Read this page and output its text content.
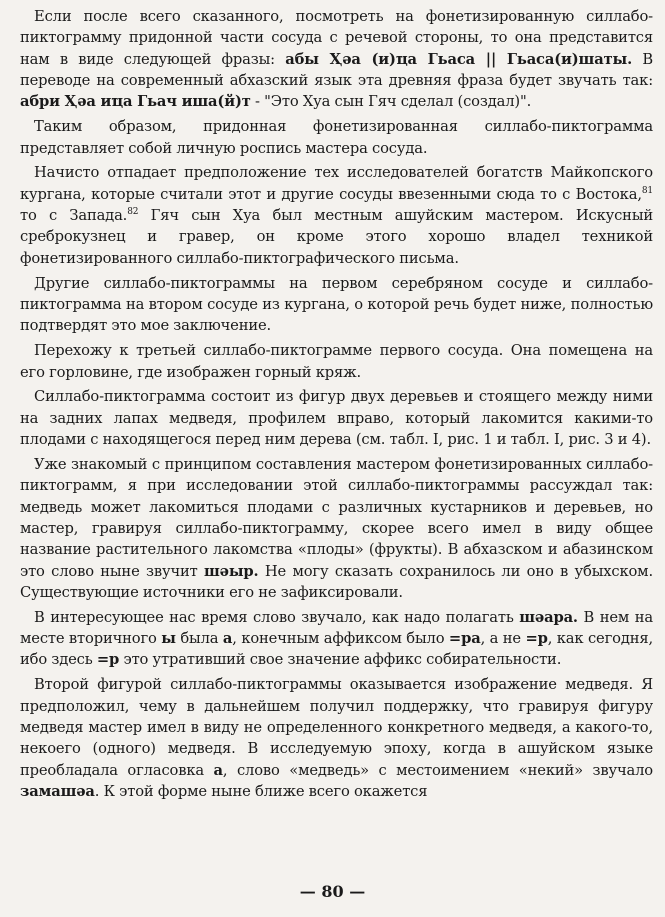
Если после всего сказанного, посмотреть на фонетизированную силлабо-пиктограмму придонной части сосуда с речевой стороны, то она представится нам в виде следующей фразы: абы Ҳәа (и)ҵа Гьаса || Гьаса(и)шаты. В переводе на современный абхазский язык эта древняя фраза будет звучать так: абри Ҳәа иҵа Гьач иша(й)т - "Это Хуа сын Гяч сделал (создал)".

Таким образом, придонная фонетизированная силлабо-пиктограмма представляет собой личную роспись мастера сосуда.

Начисто отпадает предположение тех исследователей богатств Майкопского кургана, которые считали этот и другие сосуды ввезенными сюда то с Востока,$^{81}$ то с Запада.$^{82}$ Гяч сын Хуа был местным ашуйским мастером. Искусный среброкузнец и гравер, он кроме этого хорошо владел техникой фонетизированного силлабо-пиктографического письма.

Другие силлабо-пиктограммы на первом серебряном сосуде и силлабо-пиктограмма на втором сосуде из кургана, о которой речь будет ниже, полностью подтвердят это мое заключение.

Перехожу к третьей силлабо-пиктограмме первого сосуда. Она помещена на его горловине, где изображен горный кряж.

Силлабо-пиктограмма состоит из фигур двух деревьев и стоящего между ними на задних лапах медведя, профилем вправо, который лакомится какими-то плодами с находящегося перед ним дерева (см. табл. I, рис. 1 и табл. I, рис. 3 и 4).

Уже знакомый с принципом составления мастером фонетизированных силлабо-пиктограмм, я при исследовании этой силлабо-пиктограммы рассуждал так: медведь может лакомиться плодами с различных кустарников и деревьев, но мастер, гравируя силлабо-пиктограмму, скорее всего имел в виду общее название растительного лакомства «плоды» (фрукты). В абхазском и абазинском это слово ныне звучит шәыр. Не могу сказать сохранилось ли оно в убыхском. Существующие источники его не зафиксировали.

В интересующее нас время слово звучало, как надо полагать шәара. В нем на месте вторичного ы была а, конечным аффиксом было =ра, а не =р, как сегодня, ибо здесь =р это утративший свое значение аффикс собирательности.

Второй фигурой силлабо-пиктограммы оказывается изображение медведя. Я предположил, чему в дальнейшем получил поддержку, что гравируя фигуру медведя мастер имел в виду не определенного конкретного медведя, а какого-то, некоего (одного) медведя. В исследуемую эпоху, когда в ашуйском языке преобладала огласовка а, слово «медведь» с местоимением «некий» звучало замашәа. К этой форме ныне ближе всего окажется

— 80 —
